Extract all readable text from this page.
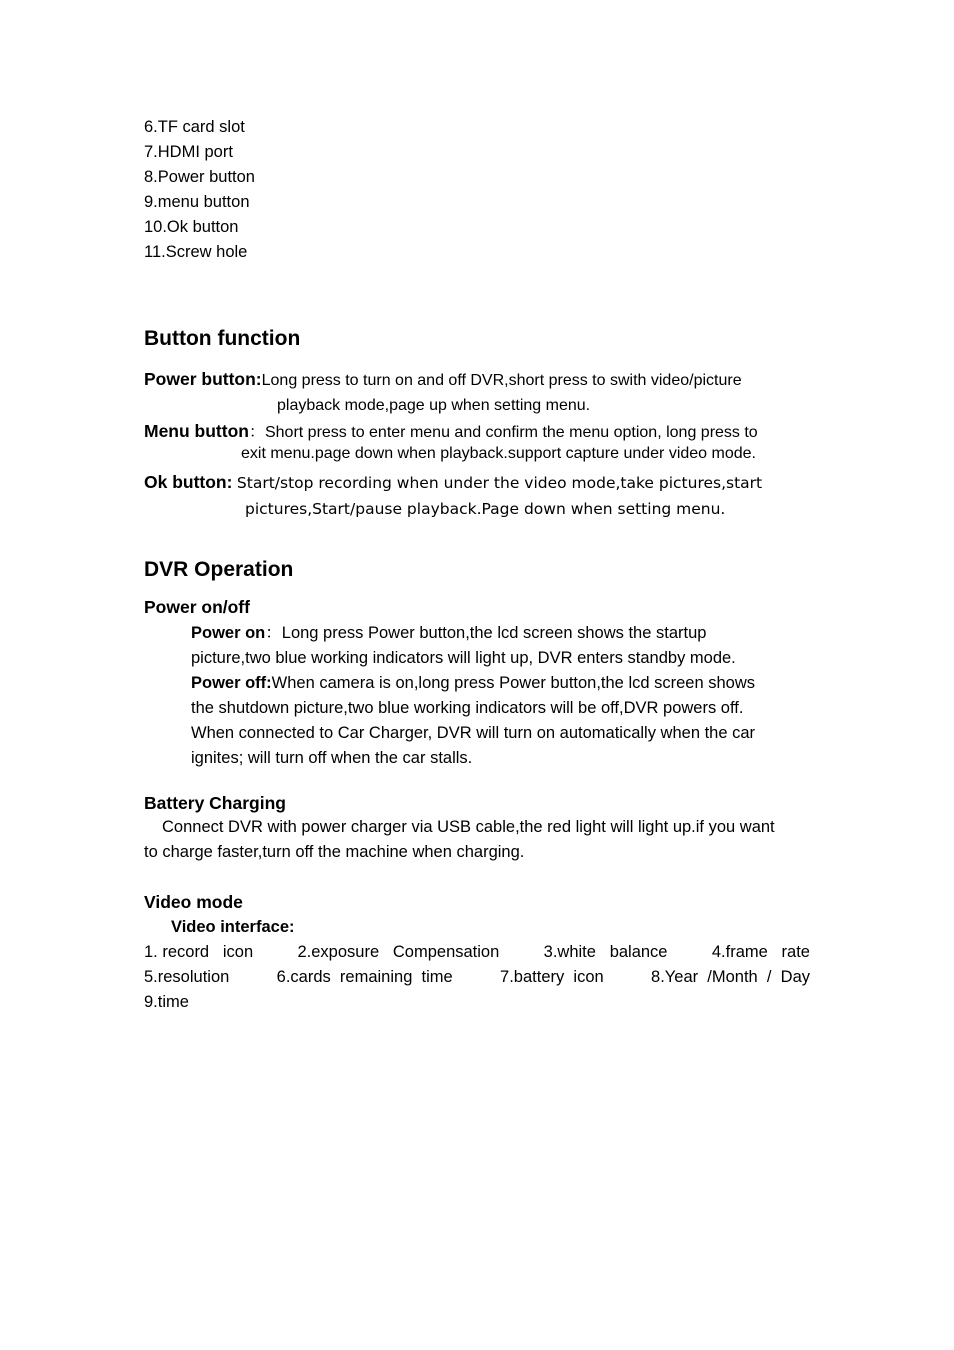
6.TF card slot
7.HDMI port
8.Power button
9.menu button
10.Ok button
11.Screw hole
Button function
Power button:Long press to turn on and off DVR,short press to swith video/picture
playback mode,page up when setting menu.
Menu button：Short press to enter menu and confirm the menu option, long press to
exit menu.page down when playback.support capture under video mode.
Ok button: Start/stop recording when under the video mode,take pictures,start
pictures,Start/pause playback.Page down when setting menu.
DVR Operation
Power on/off
Power on：Long press Power button,the lcd screen shows the startup
picture,two blue working indicators will light up, DVR enters standby mode.
Power off:When camera is on,long press Power button,the lcd screen shows
the shutdown picture,two blue working indicators will be off,DVR powers off.
When connected to Car Charger, DVR will turn on automatically when the car
ignites; will turn off when the car stalls.
Battery Charging
Connect DVR with power charger via USB cable,the red light will light up.if you want
to charge faster,turn off the machine when charging.
Video mode
Video interface:
1. record   icon	2.exposure   Compensation	3.white   balance	4.frame   rate
5.resolution	6.cards  remaining  time	7.battery  icon	8.Year  /Month  /  Day
9.time
